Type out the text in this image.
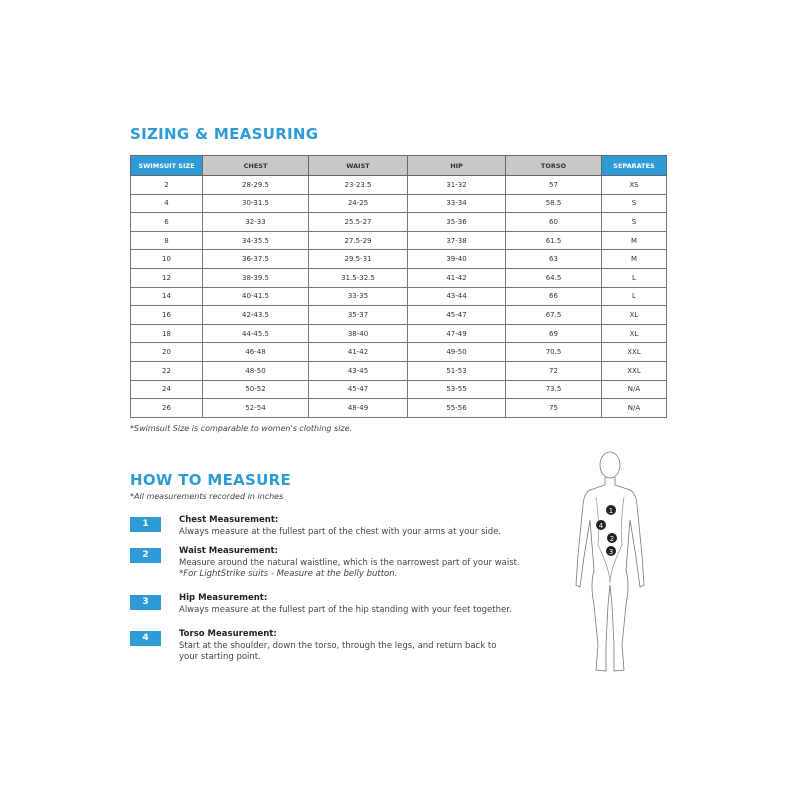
SIZING & MEASURING
SWIMSUIT SIZE	CHEST	WAIST	HIP	TORSO	SEPARATES
2	28-29.5	23-23.5	31-32	57	XS
4	30-31.5	24-25	33-34	58.5	S
6	32-33	25.5-27	35-36	60	S
8	34-35.5	27.5-29	37-38	61.5	M
10	36-37.5	29.5-31	39-40	63	M
12	38-39.5	31.5-32.5	41-42	64.5	L
14	40-41.5	33-35	43-44	66	L
16	42-43.5	35-37	45-47	67.5	XL
18	44-45.5	38-40	47-49	69	XL
20	46-48	41-42	49-50	70.5	XXL
22	48-50	43-45	51-53	72	XXL
24	50-52	45-47	53-55	73.5	N/A
26	52-54	48-49	55-56	75	N/A
*Swimsuit Size is comparable to women's clothing size.
HOW TO MEASURE
*All measurements recorded in inches
1	Chest Measurement:
Always measure at the fullest part of the chest with your arms at your side.
2	Waist Measurement:
Measure around the natural waistline, which is the narrowest part of your waist.
*For LightStrike suits - Measure at the belly button.
3	Hip Measurement:
Always measure at the fullest part of the hip standing with your feet together.
4	Torso Measurement:
Start at the shoulder, down the torso, through the legs, and return back to
your starting point.
1
4
2
3
